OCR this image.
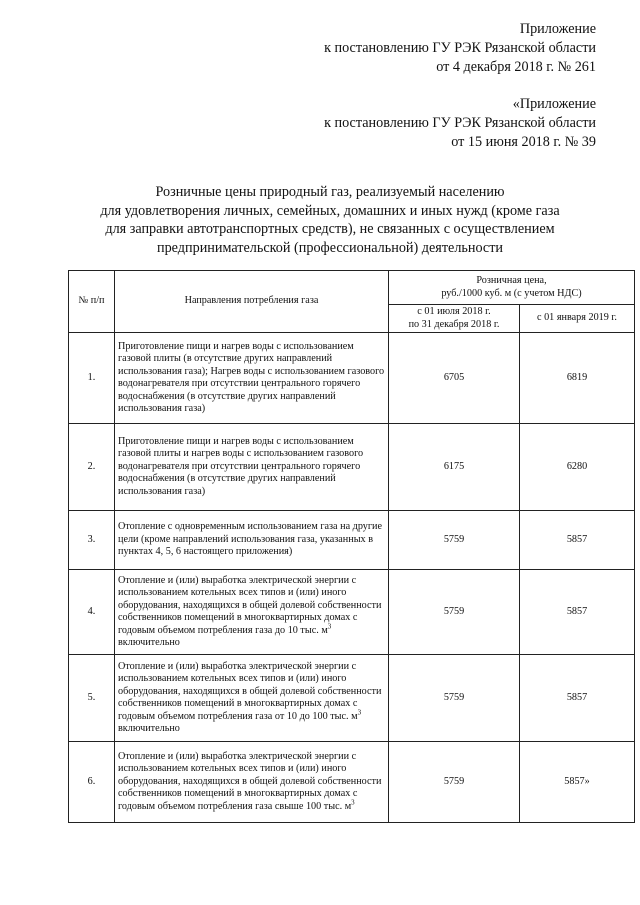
Приложение
к постановлению ГУ РЭК Рязанской области
от 4 декабря 2018 г. № 261
«Приложение
к постановлению ГУ РЭК Рязанской области
от 15 июня 2018 г. № 39
Розничные цены природный газ, реализуемый населению
для удовлетворения личных, семейных, домашних и иных нужд (кроме газа
для заправки автотранспортных средств), не связанных с осуществлением
предпринимательской (профессиональной) деятельности
№ п/п	Направления потребления газа	Розничная цена,
руб./1000 куб. м (с учетом НДС)	

		с 01 июля 2018 г.
по 31 декабря 2018 г.	с 01 января 2019 г.
1.	Приготовление пищи и нагрев воды с использованием газовой плиты (в отсутствие других направлений использования газа); Нагрев воды с использованием газового водонагревателя при отсутствии центрального горячего водоснабжения (в отсутствие других направлений использования газа)	6705	6819
2.	Приготовление пищи и нагрев воды с использованием газовой плиты и нагрев воды с использованием газового водонагревателя при отсутствии центрального горячего водоснабжения (в отсутствие других направлений использования газа)	6175	6280
3.	Отопление с одновременным использованием газа на другие цели (кроме направлений использования газа, указанных в пунктах 4, 5, 6 настоящего приложения)	5759	5857
4.	Отопление и (или) выработка электрической энергии с использованием котельных всех типов и (или) иного оборудования, находящихся в общей долевой собственности собственников помещений в многоквартирных домах с годовым объемом потребления газа до 10 тыс. $м^3$ включительно	5759	5857
5.	Отопление и (или) выработка электрической энергии с использованием котельных всех типов и (или) иного оборудования, находящихся в общей долевой собственности собственников помещений в многоквартирных домах с годовым объемом потребления газа от 10 до 100 тыс. $м^3$ включительно	5759	5857
6.	Отопление и (или) выработка электрической энергии с использованием котельных всех типов и (или) иного оборудования, находящихся в общей долевой собственности собственников помещений в многоквартирных домах с годовым объемом потребления газа свыше 100 тыс. $м^3$	5759	5857»
